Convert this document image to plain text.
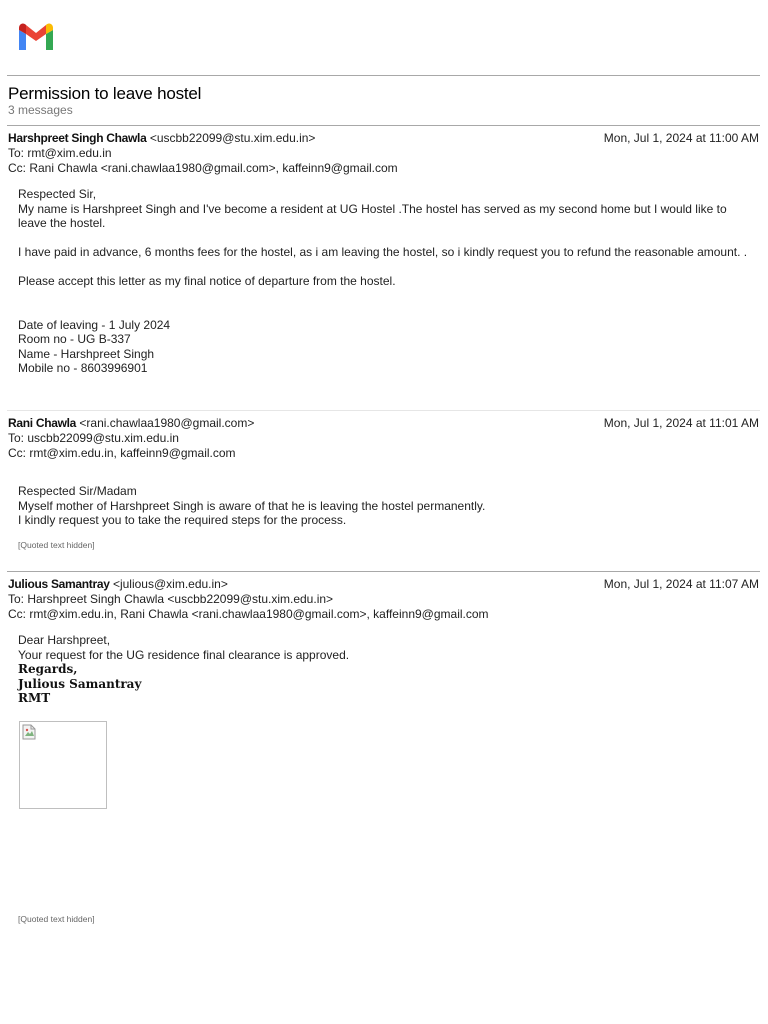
Permission to leave hostel
3 messages
Harshpreet Singh Chawla <uscbb22099@stu.xim.edu.in>	Mon, Jul 1, 2024 at 11:00 AM
To: rmt@xim.edu.in
Cc: Rani Chawla <rani.chawlaa1980@gmail.com>, kaffeinn9@gmail.com

Respected Sir,

My name is Harshpreet Singh and I've become a resident at UG Hostel .The hostel has served as my second home but I would like to leave the hostel.

I have paid in advance, 6 months fees for the hostel, as i am leaving the hostel, so i kindly request you to refund the reasonable amount. .

Please accept this letter as my final notice of departure from the hostel.

Date of leaving - 1 July 2024

Room no - UG B-337

Name - Harshpreet Singh

Mobile no - 8603996901

Rani Chawla <rani.chawlaa1980@gmail.com>	Mon, Jul 1, 2024 at 11:01 AM
To: uscbb22099@stu.xim.edu.in
Cc: rmt@xim.edu.in, kaffeinn9@gmail.com

Respected Sir/Madam

Myself mother of Harshpreet Singh is aware of that he is leaving the hostel permanently.

I kindly request you to take the required steps for the process.

[Quoted text hidden]
Julious Samantray <julious@xim.edu.in>	Mon, Jul 1, 2024 at 11:07 AM
To: Harshpreet Singh Chawla <uscbb22099@stu.xim.edu.in>
Cc: rmt@xim.edu.in, Rani Chawla <rani.chawlaa1980@gmail.com>, kaffeinn9@gmail.com

Dear Harshpreet,

Your request for the UG residence final clearance is approved.

Regards,
Julious Samantray
RMT
[Quoted text hidden]
